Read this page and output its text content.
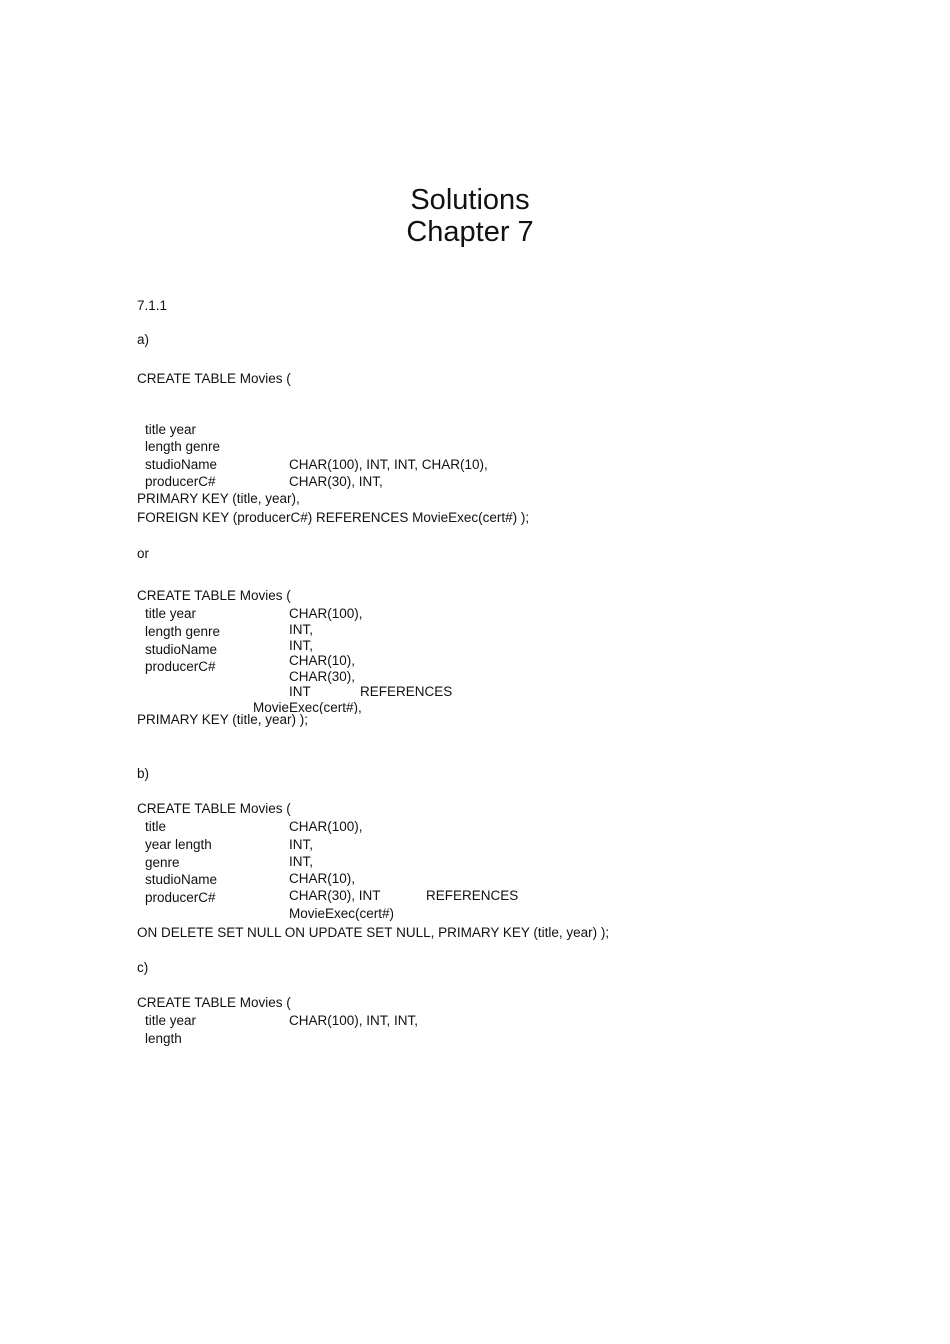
Solutions
Chapter 7
7.1.1
a)
CREATE TABLE Movies (
title year
length genre
studioName
producerC#
CHAR(100), INT, INT, CHAR(10),
CHAR(30), INT,
PRIMARY KEY (title, year),
FOREIGN KEY (producerC#) REFERENCES MovieExec(cert#) );
or
CREATE TABLE Movies (
title year
length genre
studioName
producerC#
CHAR(100),
INT,
INT,
CHAR(10),
CHAR(30),
INT	REFERENCES
MovieExec(cert#),
PRIMARY KEY (title, year) );
b)
CREATE TABLE Movies (
title
year length
genre
studioName
producerC#
CHAR(100),
INT,
INT,
CHAR(10),
CHAR(30), INT	REFERENCES
MovieExec(cert#)
ON DELETE SET NULL ON UPDATE SET NULL, PRIMARY KEY (title, year) );
c)
CREATE TABLE Movies (
title year
length
CHAR(100), INT, INT,
